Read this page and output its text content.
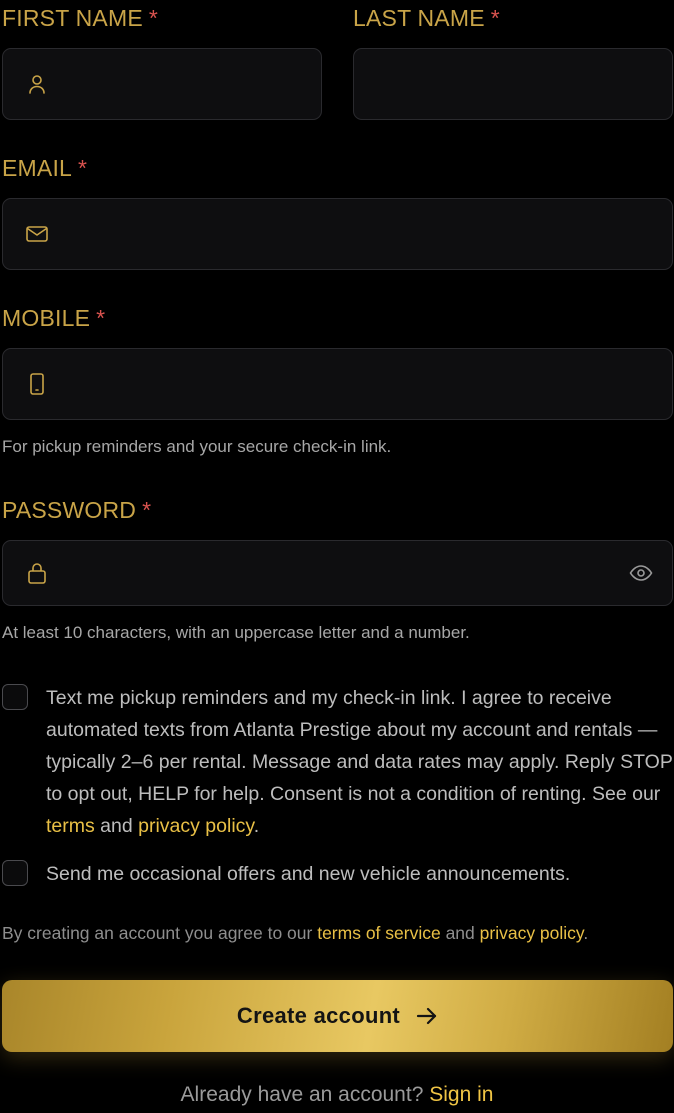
FIRST NAME *	LAST NAME *
EMAIL *
MOBILE *
For pickup reminders and your secure check-in link.
PASSWORD *
At least 10 characters, with an uppercase letter and a number.
Text me pickup reminders and my check-in link. I agree to receive automated texts from Atlanta Prestige about my account and rentals — typically 2–6 per rental. Message and data rates may apply. Reply STOP to opt out, HELP for help. Consent is not a condition of renting. See our terms and privacy policy.
Send me occasional offers and new vehicle announcements.
By creating an account you agree to our terms of service and privacy policy.
Create account
Already have an account? Sign in
